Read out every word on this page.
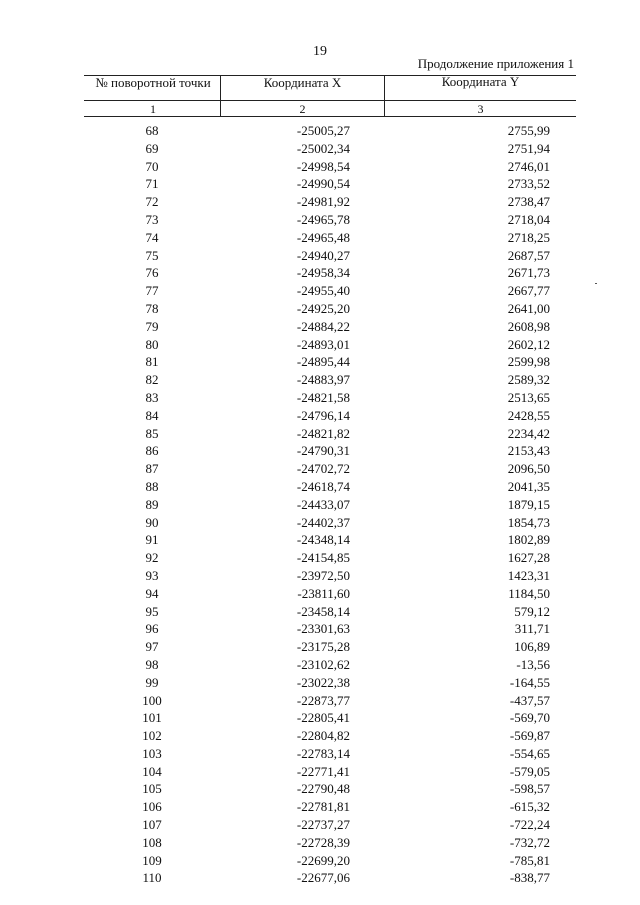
19
Продолжение приложения 1
№ поворотной точки	Координата X	Координата Y
1	2	3
68	-25005,27	2755,99
69	-25002,34	2751,94
70	-24998,54	2746,01
71	-24990,54	2733,52
72	-24981,92	2738,47
73	-24965,78	2718,04
74	-24965,48	2718,25
75	-24940,27	2687,57
76	-24958,34	2671,73
77	-24955,40	2667,77
78	-24925,20	2641,00
79	-24884,22	2608,98
80	-24893,01	2602,12
81	-24895,44	2599,98
82	-24883,97	2589,32
83	-24821,58	2513,65
84	-24796,14	2428,55
85	-24821,82	2234,42
86	-24790,31	2153,43
87	-24702,72	2096,50
88	-24618,74	2041,35
89	-24433,07	1879,15
90	-24402,37	1854,73
91	-24348,14	1802,89
92	-24154,85	1627,28
93	-23972,50	1423,31
94	-23811,60	1184,50
95	-23458,14	579,12
96	-23301,63	311,71
97	-23175,28	106,89
98	-23102,62	-13,56
99	-23022,38	-164,55
100	-22873,77	-437,57
101	-22805,41	-569,70
102	-22804,82	-569,87
103	-22783,14	-554,65
104	-22771,41	-579,05
105	-22790,48	-598,57
106	-22781,81	-615,32
107	-22737,27	-722,24
108	-22728,39	-732,72
109	-22699,20	-785,81
110	-22677,06	-838,77
